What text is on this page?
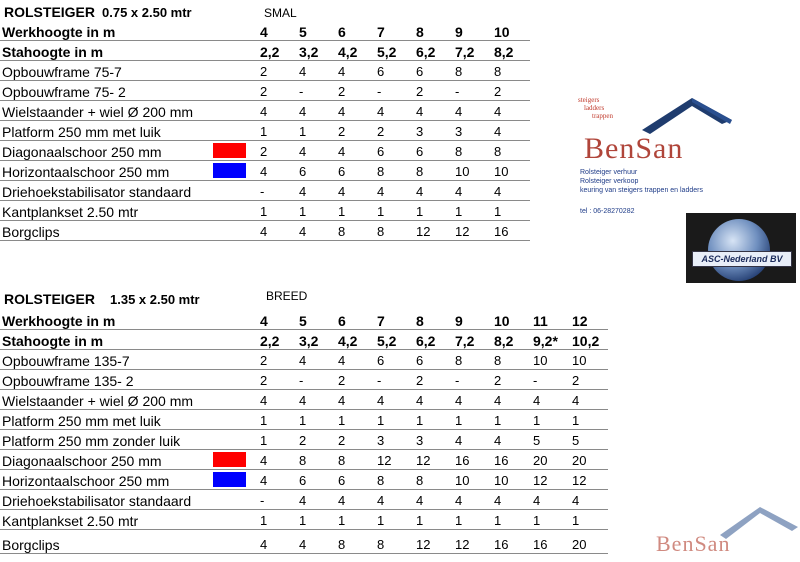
ROLSTEIGER 0.75 x 2.50 mtr	SMAL
Werkhoogte in m		4	5	6	7	8	9	10
Stahoogte in m		2,2	3,2	4,2	5,2	6,2	7,2	8,2
Opbouwframe 75-7		2	4	4	6	6	8	8
Opbouwframe 75- 2		2	-	2	-	2	-	2
Wielstaander + wiel Ø 200 mm		4	4	4	4	4	4	4
Platform 250 mm met luik		1	1	2	2	3	3	4
Diagonaalschoor 250 mm		2	4	4	6	6	8	8
Horizontaalschoor 250 mm		4	6	6	8	8	10	10
Driehoekstabilisator standaard		-	4	4	4	4	4	4
Kantplankset 2.50 mtr		1	1	1	1	1	1	1
Borgclips		4	4	8	8	12	12	16
ROLSTEIGER 1.35 x 2.50 mtr	BREED
Werkhoogte in m		4	5	6	7	8	9	10	11	12
Stahoogte in m		2,2	3,2	4,2	5,2	6,2	7,2	8,2	9,2*	10,2
Opbouwframe 135-7		2	4	4	6	6	8	8	10	10
Opbouwframe 135- 2		2	-	2	-	2	-	2	-	2
Wielstaander + wiel Ø 200 mm		4	4	4	4	4	4	4	4	4
Platform 250 mm met luik		1	1	1	1	1	1	1	1	1
Platform 250 mm zonder luik		1	2	2	3	3	4	4	5	5
Diagonaalschoor 250 mm		4	8	8	12	12	16	16	20	20
Horizontaalschoor 250 mm		4	6	6	8	8	10	10	12	12
Driehoekstabilisator standaard		-	4	4	4	4	4	4	4	4
Kantplankset 2.50 mtr		1	1	1	1	1	1	1	1	1
Borgclips		4	4	8	8	12	12	16	16	20
steigers
ladders
trappen
BenSan
Rolsteiger verhuur
Rolsteiger verkoop
keuring van steigers trappen en ladders
tel : 06-28270282
ASC-Nederland BV
BenSan
